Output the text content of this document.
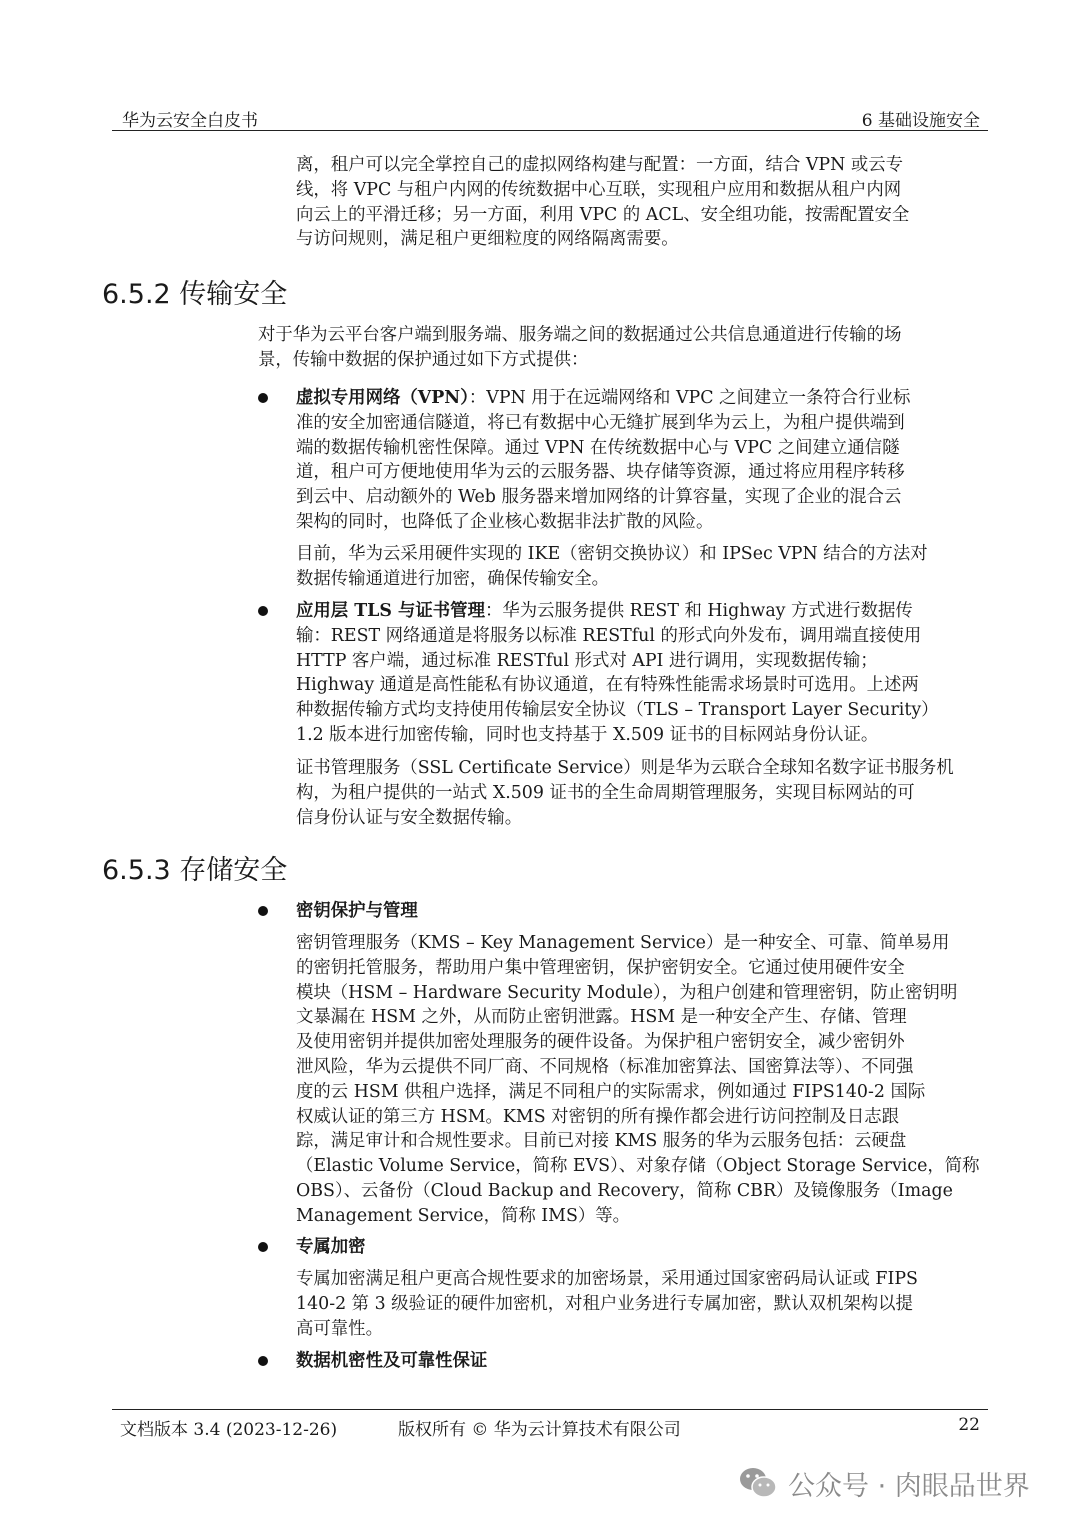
华为云安全白皮书	6 基础设施安全
离，租户可以完全掌控自己的虚拟网络构建与配置：一方面，结合 VPN 或云专
线，将 VPC 与租户内网的传统数据中心互联，实现租户应用和数据从租户内网
向云上的平滑迁移；另一方面，利用 VPC 的 ACL、安全组功能，按需配置安全
与访问规则，满足租户更细粒度的网络隔离需要。
6.5.2 传输安全
对于华为云平台客户端到服务端、服务端之间的数据通过公共信息通道进行传输的场
景，传输中数据的保护通过如下方式提供：
虚拟专用网络（VPN）：VPN 用于在远端网络和 VPC 之间建立一条符合行业标
准的安全加密通信隧道，将已有数据中心无缝扩展到华为云上，为租户提供端到
端的数据传输机密性保障。通过 VPN 在传统数据中心与 VPC 之间建立通信隧
道，租户可方便地使用华为云的云服务器、块存储等资源，通过将应用程序转移
到云中、启动额外的 Web 服务器来增加网络的计算容量，实现了企业的混合云
架构的同时，也降低了企业核心数据非法扩散的风险。
目前，华为云采用硬件实现的 IKE（密钥交换协议）和 IPSec VPN 结合的方法对
数据传输通道进行加密，确保传输安全。
应用层 TLS 与证书管理：华为云服务提供 REST 和 Highway 方式进行数据传
输：REST 网络通道是将服务以标准 RESTful 的形式向外发布，调用端直接使用
HTTP 客户端，通过标准 RESTful 形式对 API 进行调用，实现数据传输；
Highway 通道是高性能私有协议通道，在有特殊性能需求场景时可选用。上述两
种数据传输方式均支持使用传输层安全协议（TLS – Transport Layer Security）
1.2 版本进行加密传输，同时也支持基于 X.509 证书的目标网站身份认证。
证书管理服务（SSL Certificate Service）则是华为云联合全球知名数字证书服务机
构，为租户提供的一站式 X.509 证书的全生命周期管理服务，实现目标网站的可
信身份认证与安全数据传输。
6.5.3 存储安全
密钥保护与管理
密钥管理服务（KMS – Key Management Service）是一种安全、可靠、简单易用
的密钥托管服务，帮助用户集中管理密钥，保护密钥安全。它通过使用硬件安全
模块（HSM – Hardware Security Module），为租户创建和管理密钥，防止密钥明
文暴漏在 HSM 之外，从而防止密钥泄露。HSM 是一种安全产生、存储、管理
及使用密钥并提供加密处理服务的硬件设备。为保护租户密钥安全，减少密钥外
泄风险，华为云提供不同厂商、不同规格（标准加密算法、国密算法等）、不同强
度的云 HSM 供租户选择，满足不同租户的实际需求，例如通过 FIPS140-2 国际
权威认证的第三方 HSM。KMS 对密钥的所有操作都会进行访问控制及日志跟
踪，满足审计和合规性要求。目前已对接 KMS 服务的华为云服务包括：云硬盘
（Elastic Volume Service，简称 EVS）、对象存储（Object Storage Service，简称
OBS）、云备份（Cloud Backup and Recovery，简称 CBR）及镜像服务（Image
Management Service，简称 IMS）等。
专属加密
专属加密满足租户更高合规性要求的加密场景，采用通过国家密码局认证或 FIPS
140-2 第 3 级验证的硬件加密机，对租户业务进行专属加密，默认双机架构以提
高可靠性。
数据机密性及可靠性保证
文档版本 3.4 (2023-12-26)	版权所有 © 华为云计算技术有限公司	22
公众号 · 肉眼品世界
